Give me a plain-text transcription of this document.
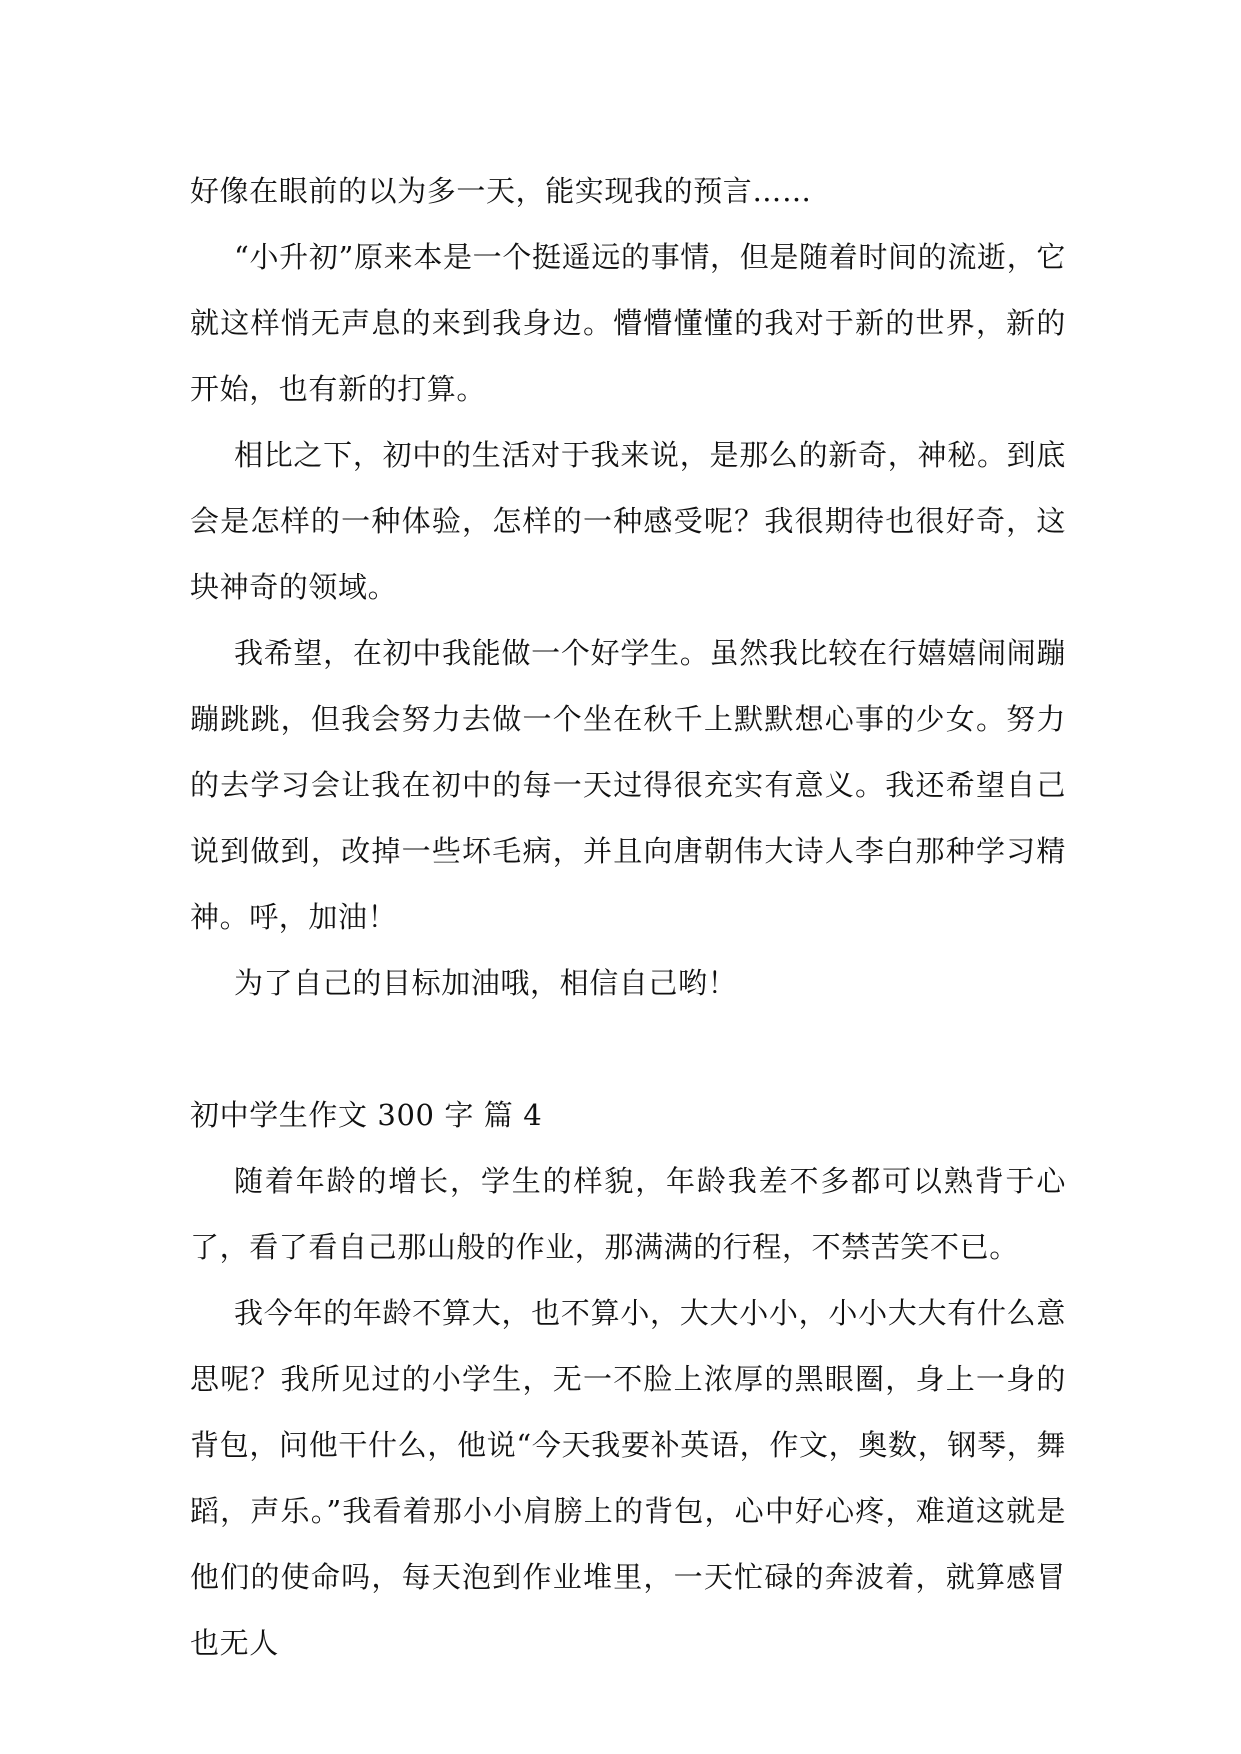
好像在眼前的以为多一天，能实现我的预言……

“小升初”原来本是一个挺遥远的事情，但是随着时间的流逝，它就这样悄无声息的来到我身边。懵懵懂懂的我对于新的世界，新的开始，也有新的打算。

相比之下，初中的生活对于我来说，是那么的新奇，神秘。到底会是怎样的一种体验，怎样的一种感受呢？我很期待也很好奇，这块神奇的领域。

我希望，在初中我能做一个好学生。虽然我比较在行嬉嬉闹闹蹦蹦跳跳，但我会努力去做一个坐在秋千上默默想心事的少女。努力的去学习会让我在初中的每一天过得很充实有意义。我还希望自己说到做到，改掉一些坏毛病，并且向唐朝伟大诗人李白那种学习精神。呼，加油！

为了自己的目标加油哦，相信自己哟！

初中学生作文 300 字 篇 4

随着年龄的增长，学生的样貌，年龄我差不多都可以熟背于心了，看了看自己那山般的作业，那满满的行程，不禁苦笑不已。

我今年的年龄不算大，也不算小，大大小小，小小大大有什么意思呢？我所见过的小学生，无一不脸上浓厚的黑眼圈，身上一身的背包，问他干什么，他说“今天我要补英语，作文，奥数，钢琴，舞蹈，声乐。”我看着那小小肩膀上的背包，心中好心疼，难道这就是他们的使命吗，每天泡到作业堆里，一天忙碌的奔波着，就算感冒也无人
